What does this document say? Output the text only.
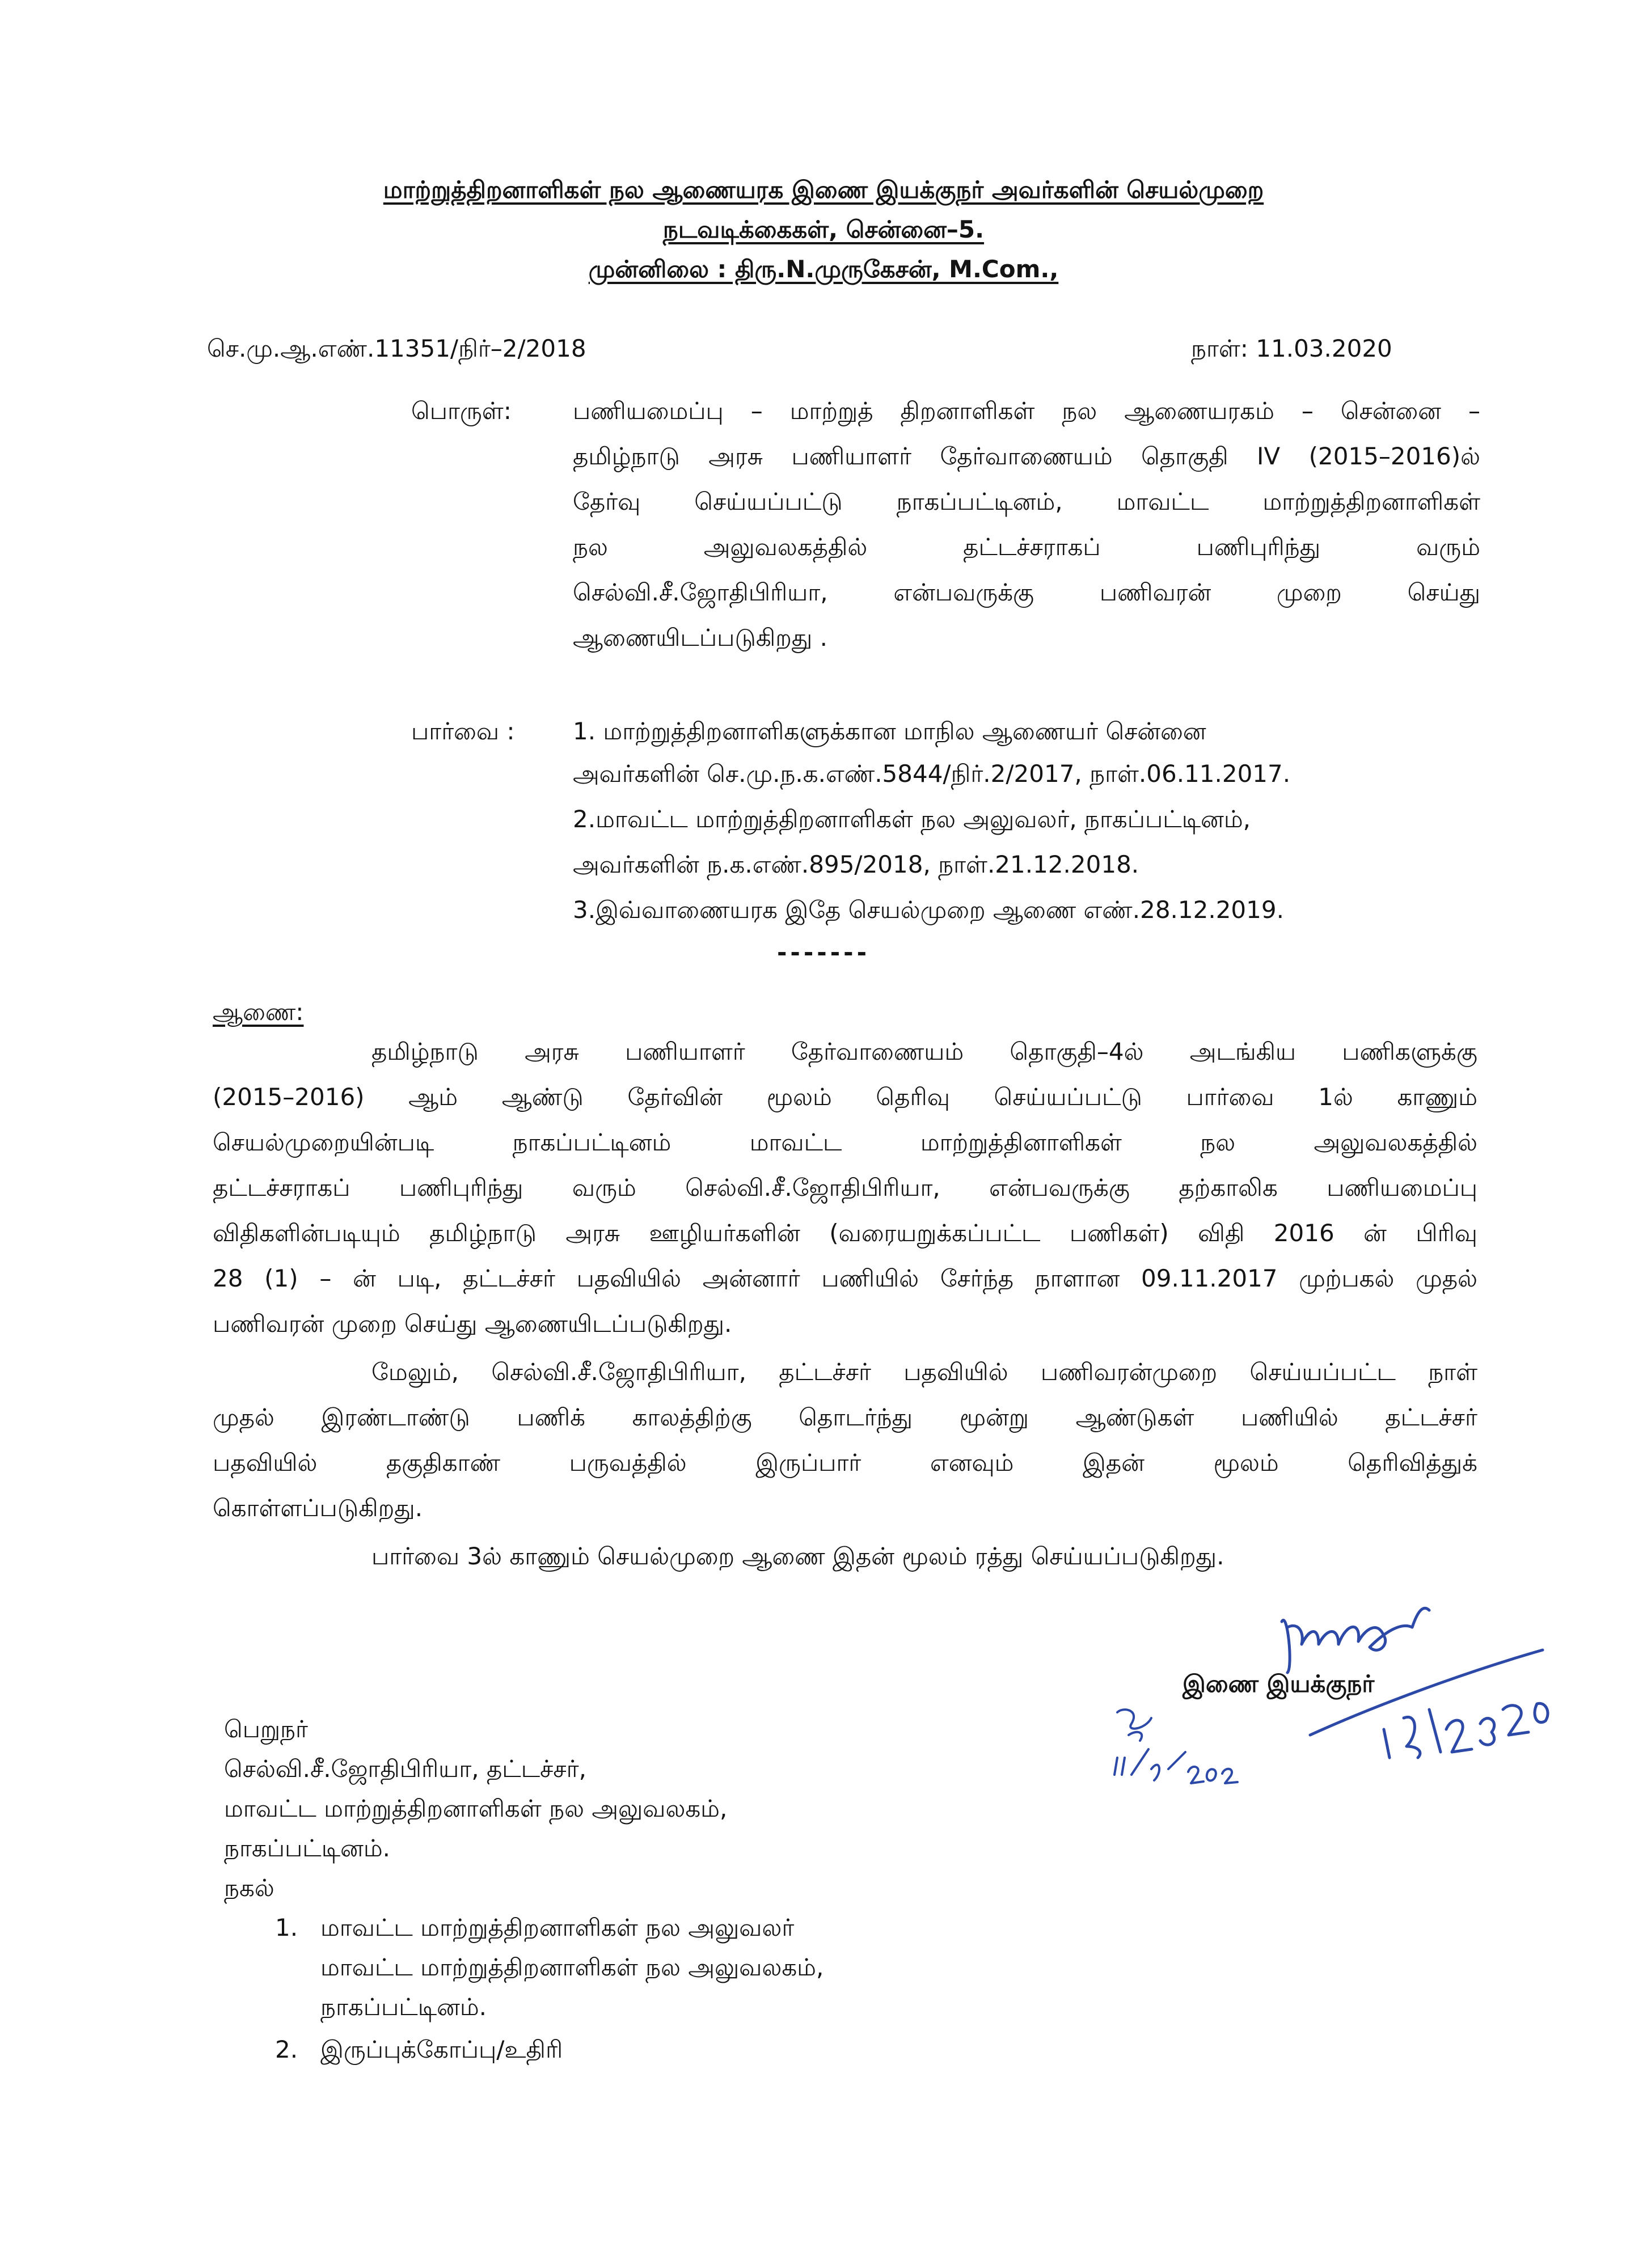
மாற்றுத்திறனாளிகள் நல ஆணையரக இணை இயக்குநர் அவர்களின் செயல்முறை
நடவடிக்கைகள், சென்னை–5.
முன்னிலை : திரு.N.முருகேசன், M.Com.,
செ.மு.ஆ.எண்.11351/நிர்–2/2018	நாள்: 11.03.2020
பொருள்:	பணியமைப்பு – மாற்றுத் திறனாளிகள் நல ஆணையரகம் – சென்னை –
தமிழ்நாடு அரசு பணியாளர் தேர்வாணையம் தொகுதி IV (2015–2016)ல்
தேர்வு செய்யப்பட்டு நாகப்பட்டினம், மாவட்ட மாற்றுத்திறனாளிகள்
நல அலுவலகத்தில் தட்டச்சராகப் பணிபுரிந்து வரும்
செல்வி.சீ.ஜோதிபிரியா, என்பவருக்கு பணிவரன் முறை செய்து
ஆணையிடப்படுகிறது .
பார்வை : 1. மாற்றுத்திறனாளிகளுக்கான மாநில ஆணையர் சென்னை
அவர்களின் செ.மு.ந.க.எண்.5844/நிர்.2/2017, நாள்.06.11.2017.
2.மாவட்ட மாற்றுத்திறனாளிகள் நல அலுவலர், நாகப்பட்டினம்,
அவர்களின் ந.க.எண்.895/2018, நாள்.21.12.2018.
3.இவ்வாணையரக இதே செயல்முறை ஆணை எண்.28.12.2019.
-------
ஆணை:
தமிழ்நாடு அரசு பணியாளர் தேர்வாணையம் தொகுதி–4ல் அடங்கிய பணிகளுக்கு
(2015–2016) ஆம் ஆண்டு தேர்வின் மூலம் தெரிவு செய்யப்பட்டு பார்வை 1ல் காணும்
செயல்முறையின்படி நாகப்பட்டினம் மாவட்ட மாற்றுத்தினாளிகள் நல அலுவலகத்தில்
தட்டச்சராகப் பணிபுரிந்து வரும் செல்வி.சீ.ஜோதிபிரியா, என்பவருக்கு தற்காலிக பணியமைப்பு
விதிகளின்படியும் தமிழ்நாடு அரசு ஊழியர்களின் (வரையறுக்கப்பட்ட பணிகள்) விதி 2016 ன் பிரிவு
28 (1) – ன் படி, தட்டச்சர் பதவியில் அன்னார் பணியில் சேர்ந்த நாளான 09.11.2017 முற்பகல் முதல்
பணிவரன் முறை செய்து ஆணையிடப்படுகிறது.
மேலும், செல்வி.சீ.ஜோதிபிரியா, தட்டச்சர் பதவியில் பணிவரன்முறை செய்யப்பட்ட நாள்
முதல் இரண்டாண்டு பணிக் காலத்திற்கு தொடர்ந்து மூன்று ஆண்டுகள் பணியில் தட்டச்சர்
பதவியில் தகுதிகாண் பருவத்தில் இருப்பார் எனவும் இதன் மூலம் தெரிவித்துக்
கொள்ளப்படுகிறது.
பார்வை 3ல் காணும் செயல்முறை ஆணை இதன் மூலம் ரத்து செய்யப்படுகிறது.
இணை இயக்குநர்
பெறுநர்
செல்வி.சீ.ஜோதிபிரியா, தட்டச்சர்,
மாவட்ட மாற்றுத்திறனாளிகள் நல அலுவலகம்,
நாகப்பட்டினம்.
நகல்
1. மாவட்ட மாற்றுத்திறனாளிகள் நல அலுவலர்
மாவட்ட மாற்றுத்திறனாளிகள் நல அலுவலகம்,
நாகப்பட்டினம்.
2. இருப்புக்கோப்பு/உதிரி
